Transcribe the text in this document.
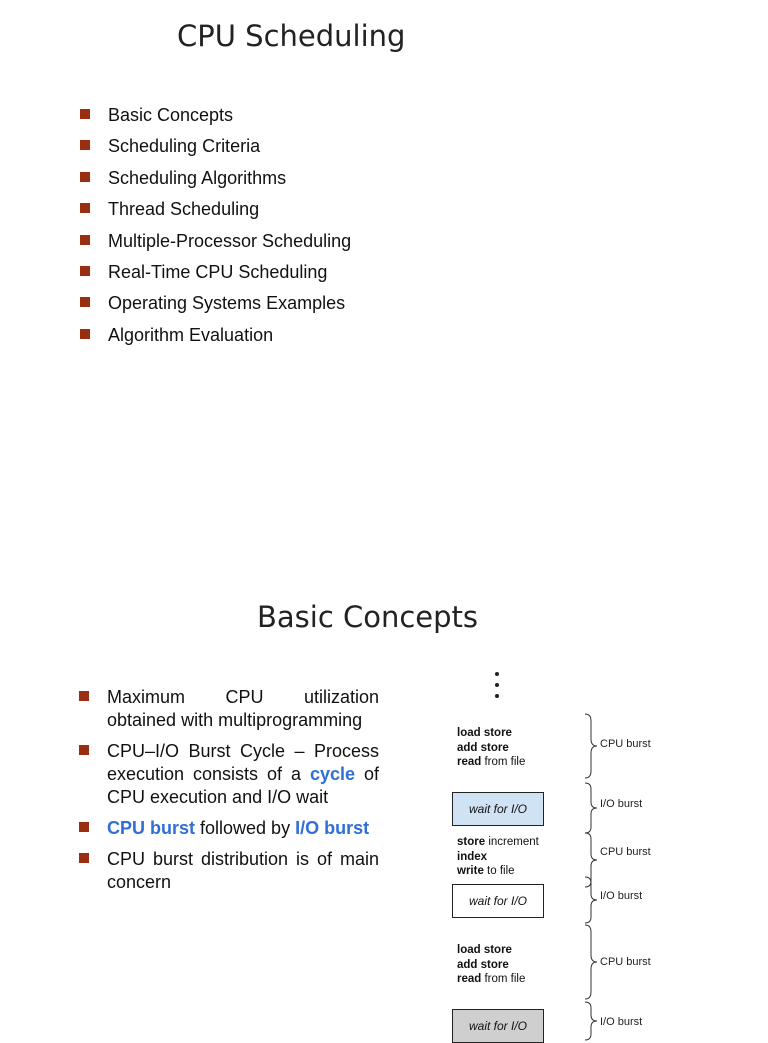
CPU Scheduling
Basic Concepts
Scheduling Criteria
Scheduling Algorithms
Thread Scheduling
Multiple-Processor Scheduling
Real-Time CPU Scheduling
Operating Systems Examples
Algorithm Evaluation
Basic Concepts
Maximum CPU utilization obtained with multiprogramming
CPU–I/O Burst Cycle – Process execution consists of a cycle of CPU execution and I/O wait
CPU burst followed by I/O burst
CPU burst distribution is of main concern
load store
add store
read from file
CPU burst
wait for I/O	I/O burst
store increment
index
write to file
CPU burst
wait for I/O	I/O burst
load store
add store
read from file
CPU burst
wait for I/O	I/O burst
